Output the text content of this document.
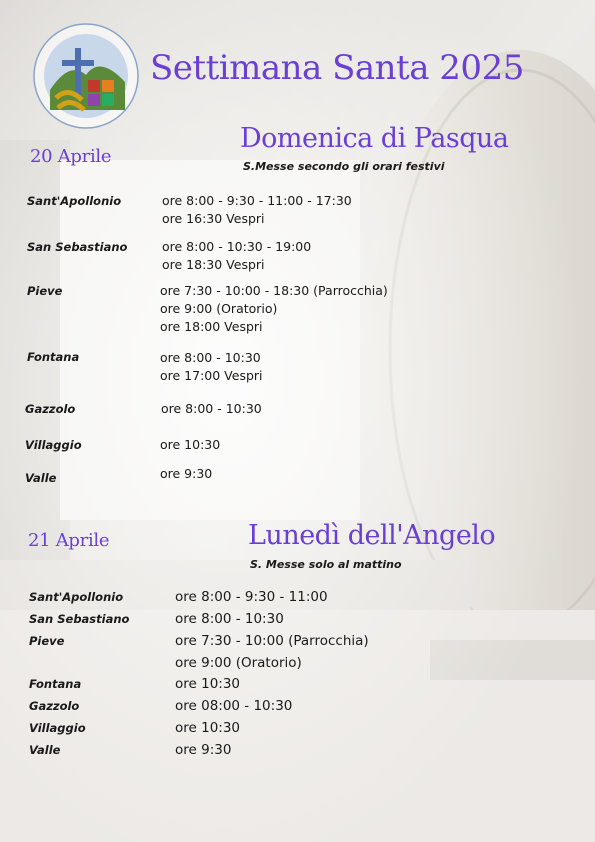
Settimana Santa 2025
20 Aprile
Domenica di Pasqua
S.Messe secondo gli orari festivi
Sant'Apollonio	ore 8:00 - 9:30 - 11:00 - 17:30
ore 16:30 Vespri
San Sebastiano	ore 8:00 - 10:30 - 19:00
ore 18:30 Vespri
Pieve	ore 7:30 - 10:00 - 18:30 (Parrocchia)
ore 9:00 (Oratorio)
ore 18:00 Vespri
Fontana	ore 8:00 - 10:30
ore 17:00 Vespri
Gazzolo	ore 8:00 - 10:30
Villaggio	ore 10:30
Valle	ore 9:30
21 Aprile	Lunedì dell'Angelo
S. Messe solo al mattino
Sant'Apollonio	ore 8:00 - 9:30 - 11:00
San Sebastiano	ore 8:00 - 10:30
Pieve	ore 7:30 - 10:00 (Parrocchia)
ore 9:00 (Oratorio)
Fontana	ore 10:30
Gazzolo	ore 08:00 - 10:30
Villaggio	ore 10:30
Valle	ore 9:30
